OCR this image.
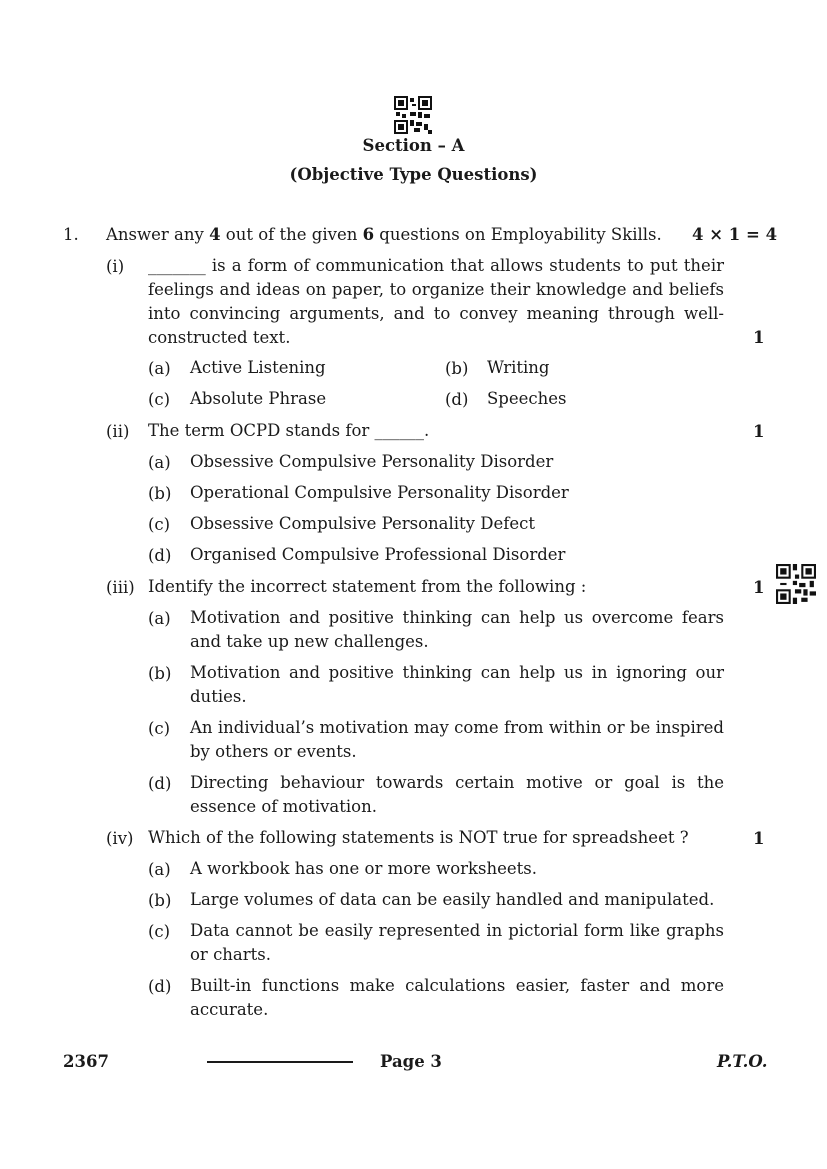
Section – A
(Objective Type Questions)
1. Answer any 4 out of the given 6 questions on Employability Skills. 4 × 1 = 4
(i) _______ is a form of communication that allows students to put their feelings and ideas on paper, to organize their knowledge and beliefs into convincing arguments, and to convey meaning through well-constructed text.	1
(a) Active Listening	(b) Writing
(c) Absolute Phrase	(d) Speeches
(ii) The term OCPD stands for ______.	1
(a) Obsessive Compulsive Personality Disorder
(b) Operational Compulsive Personality Disorder
(c) Obsessive Compulsive Personality Defect
(d) Organised Compulsive Professional Disorder
(iii) Identify the incorrect statement from the following :	1
(a) Motivation and positive thinking can help us overcome fears and take up new challenges.
(b) Motivation and positive thinking can help us in ignoring our duties.
(c) An individual’s motivation may come from within or be inspired by others or events.
(d) Directing behaviour towards certain motive or goal is the essence of motivation.
(iv) Which of the following statements is NOT true for spreadsheet ?	1
(a) A workbook has one or more worksheets.
(b) Large volumes of data can be easily handled and manipulated.
(c) Data cannot be easily represented in pictorial form like graphs or charts.
(d) Built-in functions make calculations easier, faster and more accurate.
2367	Page 3	P.T.O.
